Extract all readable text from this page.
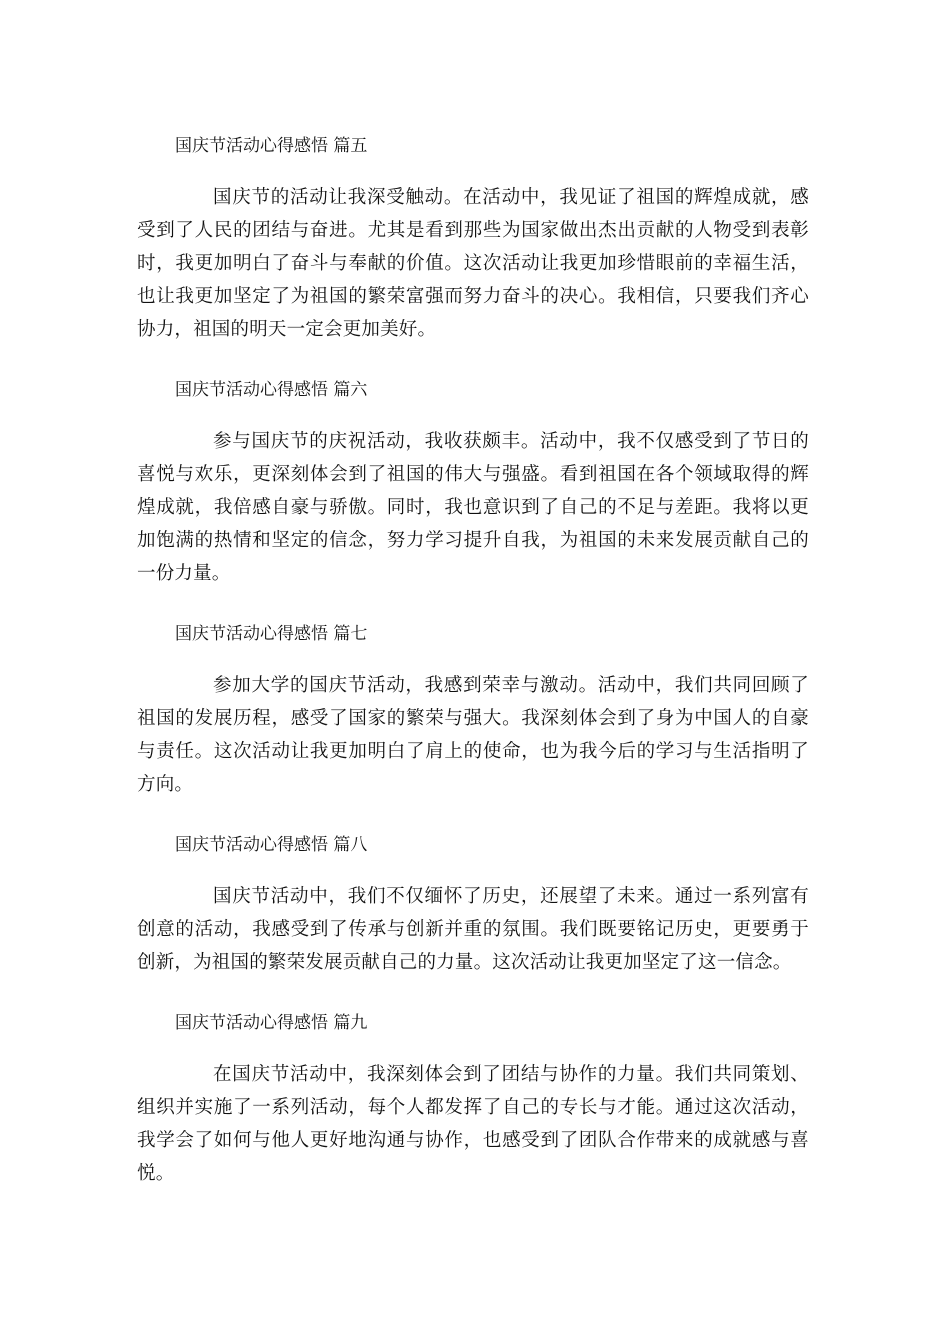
国庆节活动心得感悟 篇五

国庆节的活动让我深受触动。在活动中，我见证了祖国的辉煌成就，感受到了人民的团结与奋进。尤其是看到那些为国家做出杰出贡献的人物受到表彰时，我更加明白了奋斗与奉献的价值。这次活动让我更加珍惜眼前的幸福生活，也让我更加坚定了为祖国的繁荣富强而努力奋斗的决心。我相信，只要我们齐心协力，祖国的明天一定会更加美好。

国庆节活动心得感悟 篇六

参与国庆节的庆祝活动，我收获颇丰。活动中，我不仅感受到了节日的喜悦与欢乐，更深刻体会到了祖国的伟大与强盛。看到祖国在各个领域取得的辉煌成就，我倍感自豪与骄傲。同时，我也意识到了自己的不足与差距。我将以更加饱满的热情和坚定的信念，努力学习提升自我，为祖国的未来发展贡献自己的一份力量。

国庆节活动心得感悟 篇七

参加大学的国庆节活动，我感到荣幸与激动。活动中，我们共同回顾了祖国的发展历程，感受了国家的繁荣与强大。我深刻体会到了身为中国人的自豪与责任。这次活动让我更加明白了肩上的使命，也为我今后的学习与生活指明了方向。

国庆节活动心得感悟 篇八

国庆节活动中，我们不仅缅怀了历史，还展望了未来。通过一系列富有创意的活动，我感受到了传承与创新并重的氛围。我们既要铭记历史，更要勇于创新，为祖国的繁荣发展贡献自己的力量。这次活动让我更加坚定了这一信念。

国庆节活动心得感悟 篇九

在国庆节活动中，我深刻体会到了团结与协作的力量。我们共同策划、组织并实施了一系列活动，每个人都发挥了自己的专长与才能。通过这次活动，我学会了如何与他人更好地沟通与协作，也感受到了团队合作带来的成就感与喜悦。
